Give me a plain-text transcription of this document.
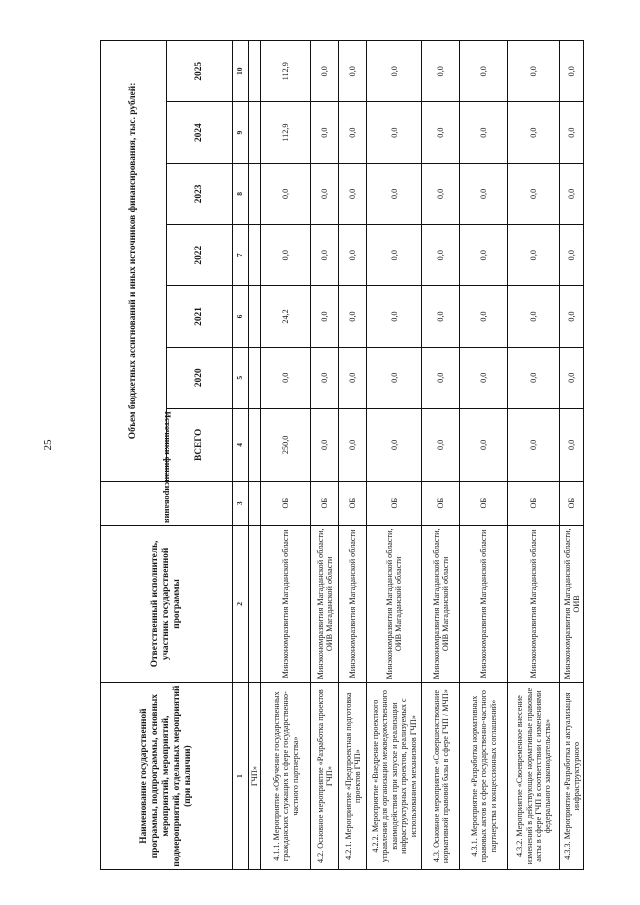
25
Наименование государственной программы, подпрограммы, основных мероприятий, мероприятий, подмероприятий, отдельных мероприятий (при наличии)	Ответственный исполнитель, участник государственной программы	Источники финансирования	Объем бюджетных ассигнований и иных источников финансирования, тыс. рублей:						
			ВСЕГО	2020	2021	2022	2023	2024	2025
1	2	3	4	5	6	7	8	9	10
ГЧП»									
4.1.1. Мероприятие «Обучение государственных гражданских служащих в сфере государственно-частного партнерства»	Минэкономразвития Магаданской области	ОБ	250,0	0,0	24,2	0,0	0,0	112,9	112,9
4.2. Основное мероприятие «Разработка проектов ГЧП»	Минэкономразвития Магаданской области, ОИВ Магаданской области	ОБ	0,0	0,0	0,0	0,0	0,0	0,0	0,0
4.2.1. Мероприятие «Предпроектная подготовка проектов ГЧП»	Минэкономразвития Магаданской области	ОБ	0,0	0,0	0,0	0,0	0,0	0,0	0,0
4.2.2. Мероприятие «Внедрение проектного управления для организации межведомственного взаимодействия при запуске и реализации инфраструктурных проектов, реализуемых с использованием механизмов ГЧП»	Минэкономразвития Магаданской области, ОИВ Магаданской области	ОБ	0,0	0,0	0,0	0,0	0,0	0,0	0,0
4.3. Основное мероприятие «Совершенствование нормативной правовой базы в сфере ГЧП / МЧП»	Минэкономразвития Магаданской области, ОИВ Магаданской области	ОБ	0,0	0,0	0,0	0,0	0,0	0,0	0,0
4.3.1. Мероприятие «Разработка нормативных правовых актов в сфере государственно-частного партнерства и концессионных соглашений»	Минэкономразвития Магаданской области	ОБ	0,0	0,0	0,0	0,0	0,0	0,0	0,0
4.3.2. Мероприятие «Своевременное внесение изменений в действующие нормативные правовые акты в сфере ГЧП в соответствии с изменениями федерального законодательства»	Минэкономразвития Магаданской области	ОБ	0,0	0,0	0,0	0,0	0,0	0,0	0,0
4.3.3. Мероприятие «Разработка и актуализация инфраструктурного	Минэкономразвития Магаданской области, ОИВ	ОБ	0,0	0,0	0,0	0,0	0,0	0,0	0,0
